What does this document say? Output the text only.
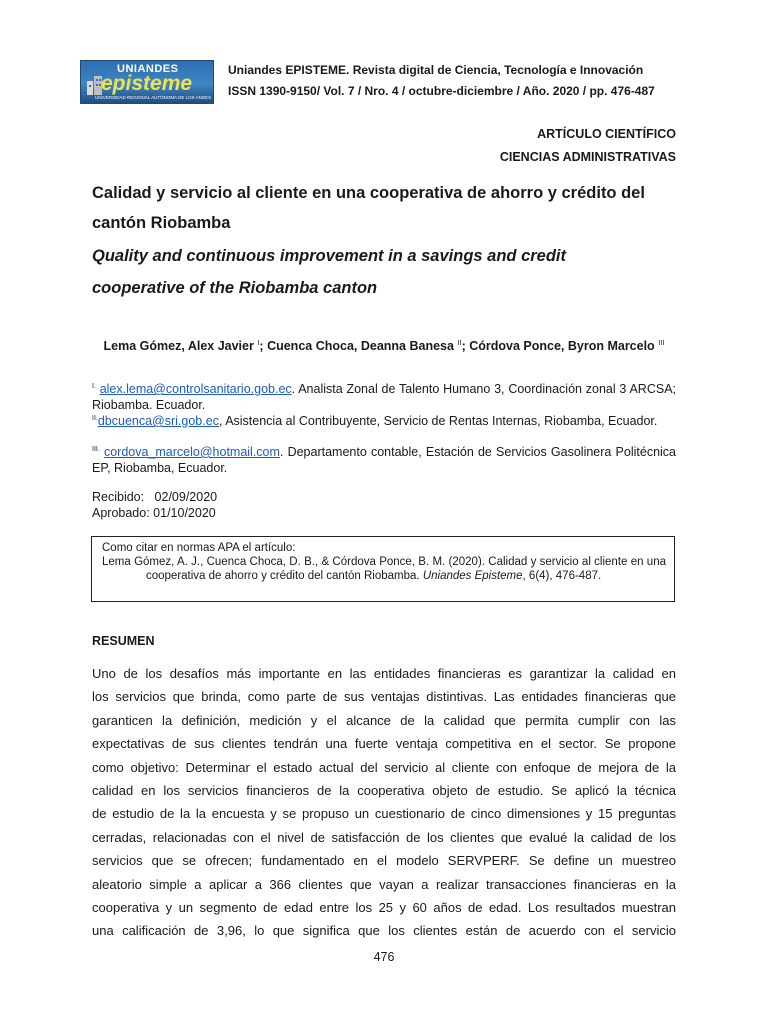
UNIANDES
episteme
UNIVERSIDAD REGIONAL AUTÓNOMA DE LOS ANDES
Uniandes EPISTEME. Revista digital de Ciencia, Tecnología e Innovación
ISSN 1390-9150/ Vol. 7 / Nro. 4 / octubre-diciembre / Año. 2020 / pp. 476-487
ARTÍCULO CIENTÍFICO
CIENCIAS ADMINISTRATIVAS
Calidad y servicio al cliente en una cooperativa de ahorro y crédito del cantón Riobamba
Quality and continuous improvement in a savings and credit cooperative of the Riobamba canton
Lema Gómez, Alex Javier $^I$; Cuenca Choca, Deanna Banesa $^{II}$; Córdova Ponce, Byron Marcelo $^{III}$
$^{I.}$ alex.lema@controlsanitario.gob.ec. Analista Zonal de Talento Humano 3, Coordinación zonal 3 ARCSA; Riobamba. Ecuador.
$^{II.}$dbcuenca@sri.gob.ec, Asistencia al Contribuyente, Servicio de Rentas Internas, Riobamba, Ecuador.
$^{III.}$ cordova_marcelo@hotmail.com. Departamento contable, Estación de Servicios Gasolinera Politécnica EP, Riobamba, Ecuador.
Recibido: 02/09/2020
Aprobado: 01/10/2020
Como citar en normas APA el artículo:
Lema Gómez, A. J., Cuenca Choca, D. B., & Córdova Ponce, B. M. (2020). Calidad y servicio al cliente en una cooperativa de ahorro y crédito del cantón Riobamba. Uniandes Episteme, 6(4), 476-487.
RESUMEN
Uno de los desafíos más importante en las entidades financieras es garantizar la calidad en
los servicios que brinda, como parte de sus ventajas distintivas. Las entidades financieras que
garanticen la definición, medición y el alcance de la calidad que permita cumplir con las
expectativas de sus clientes tendrán una fuerte ventaja competitiva en el sector. Se propone
como objetivo: Determinar el estado actual del servicio al cliente con enfoque de mejora de la
calidad en los servicios financieros de la cooperativa objeto de estudio. Se aplicó la técnica
de estudio de la la encuesta y se propuso un cuestionario de cinco dimensiones y 15 preguntas
cerradas, relacionadas con el nivel de satisfacción de los clientes que evalué la calidad de los
servicios que se ofrecen; fundamentado en el modelo SERVPERF. Se define un muestreo
aleatorio simple a aplicar a 366 clientes que vayan a realizar transacciones financieras en la
cooperativa y un segmento de edad entre los 25 y 60 años de edad. Los resultados muestran
una calificación de 3,96, lo que significa que los clientes están de acuerdo con el servicio
476
